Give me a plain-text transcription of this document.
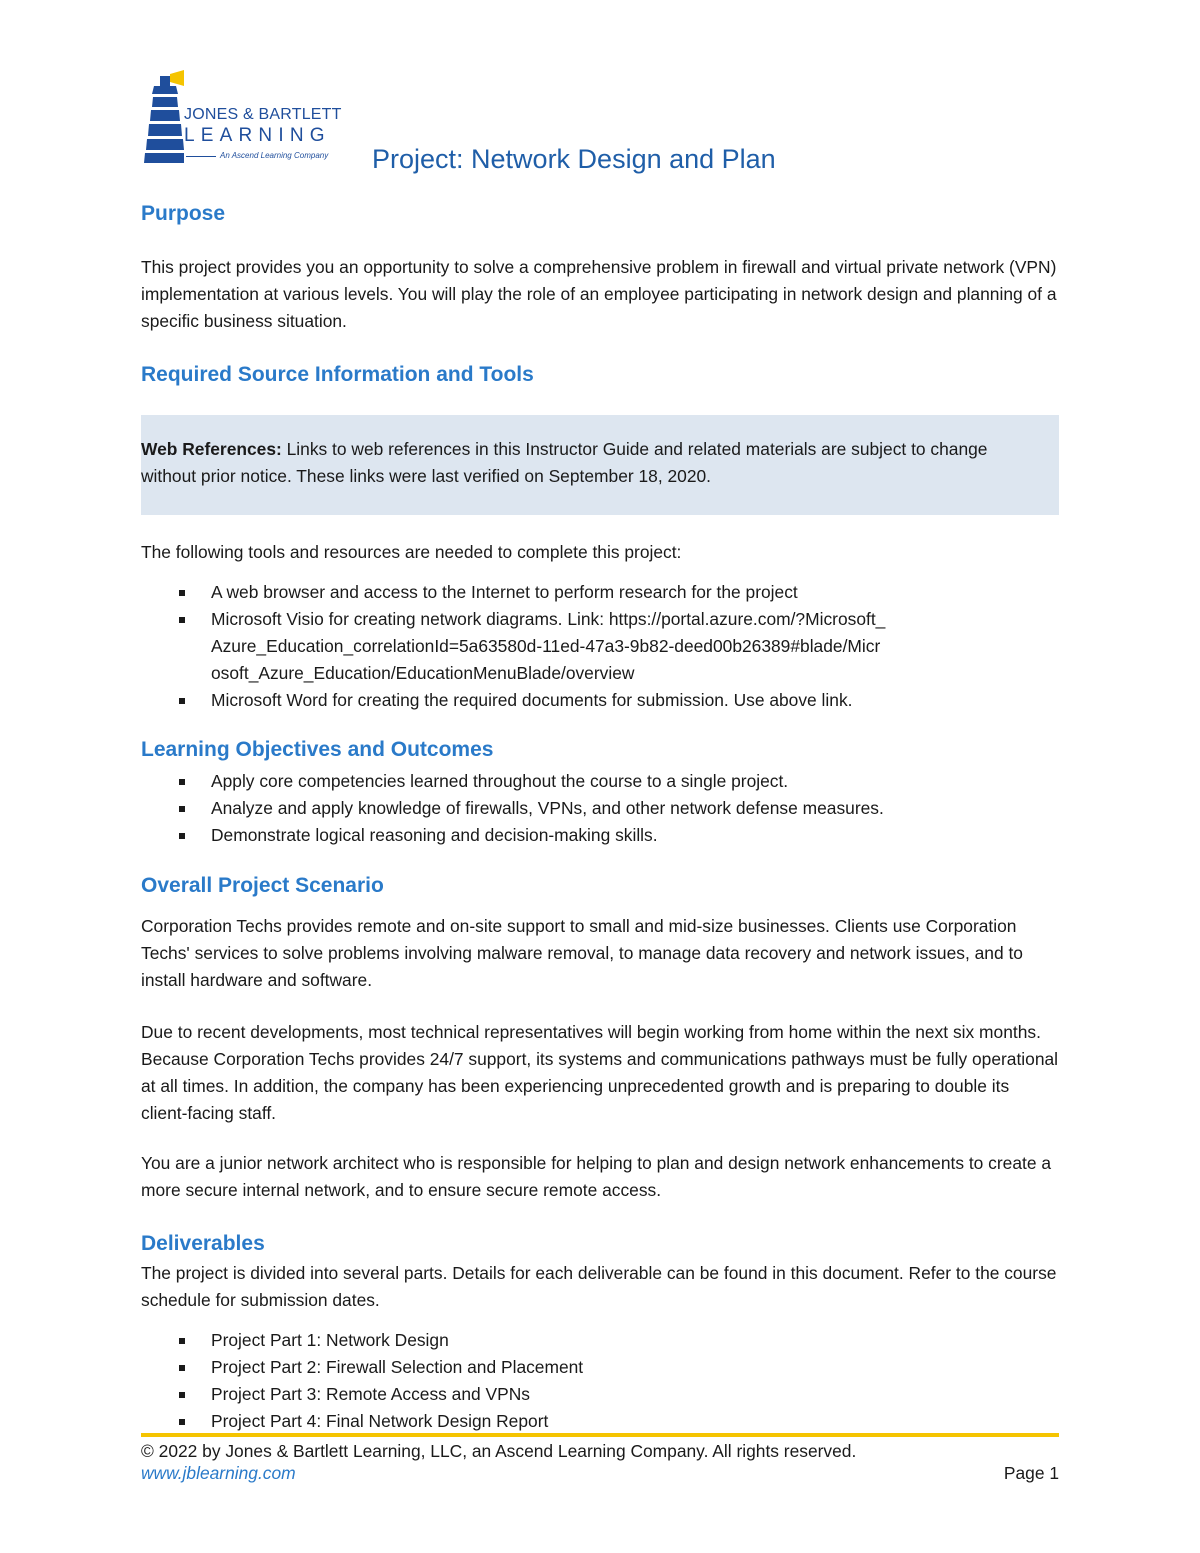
JONES & BARTLETT
LEARNING
An Ascend Learning Company Project: Network Design and Plan
Purpose

This project provides you an opportunity to solve a comprehensive problem in firewall and virtual private network (VPN) implementation at various levels. You will play the role of an employee participating in network design and planning of a specific business situation.

Required Source Information and Tools
Web References: Links to web references in this Instructor Guide and related materials are subject to change without prior notice. These links were last verified on September 18, 2020.

The following tools and resources are needed to complete this project:

A web browser and access to the Internet to perform research for the project
Microsoft Visio for creating network diagrams. Link: https://portal.azure.com/?Microsoft_Azure_Education_correlationId=5a63580d-11ed-47a3-9b82-deed00b26389#blade/Microsoft_Azure_Education/EducationMenuBlade/overview
Microsoft Word for creating the required documents for submission. Use above link.
Learning Objectives and Outcomes
Apply core competencies learned throughout the course to a single project.
Analyze and apply knowledge of firewalls, VPNs, and other network defense measures.
Demonstrate logical reasoning and decision-making skills.
Overall Project Scenario

Corporation Techs provides remote and on-site support to small and mid-size businesses. Clients use Corporation Techs' services to solve problems involving malware removal, to manage data recovery and network issues, and to install hardware and software.

Due to recent developments, most technical representatives will begin working from home within the next six months. Because Corporation Techs provides 24/7 support, its systems and communications pathways must be fully operational at all times. In addition, the company has been experiencing unprecedented growth and is preparing to double its client-facing staff.

You are a junior network architect who is responsible for helping to plan and design network enhancements to create a more secure internal network, and to ensure secure remote access.

Deliverables

The project is divided into several parts. Details for each deliverable can be found in this document. Refer to the course schedule for submission dates.

Project Part 1: Network Design
Project Part 2: Firewall Selection and Placement
Project Part 3: Remote Access and VPNs
Project Part 4: Final Network Design Report
© 2022 by Jones & Bartlett Learning, LLC, an Ascend Learning Company. All rights reserved.
www.jblearning.com	Page 1
